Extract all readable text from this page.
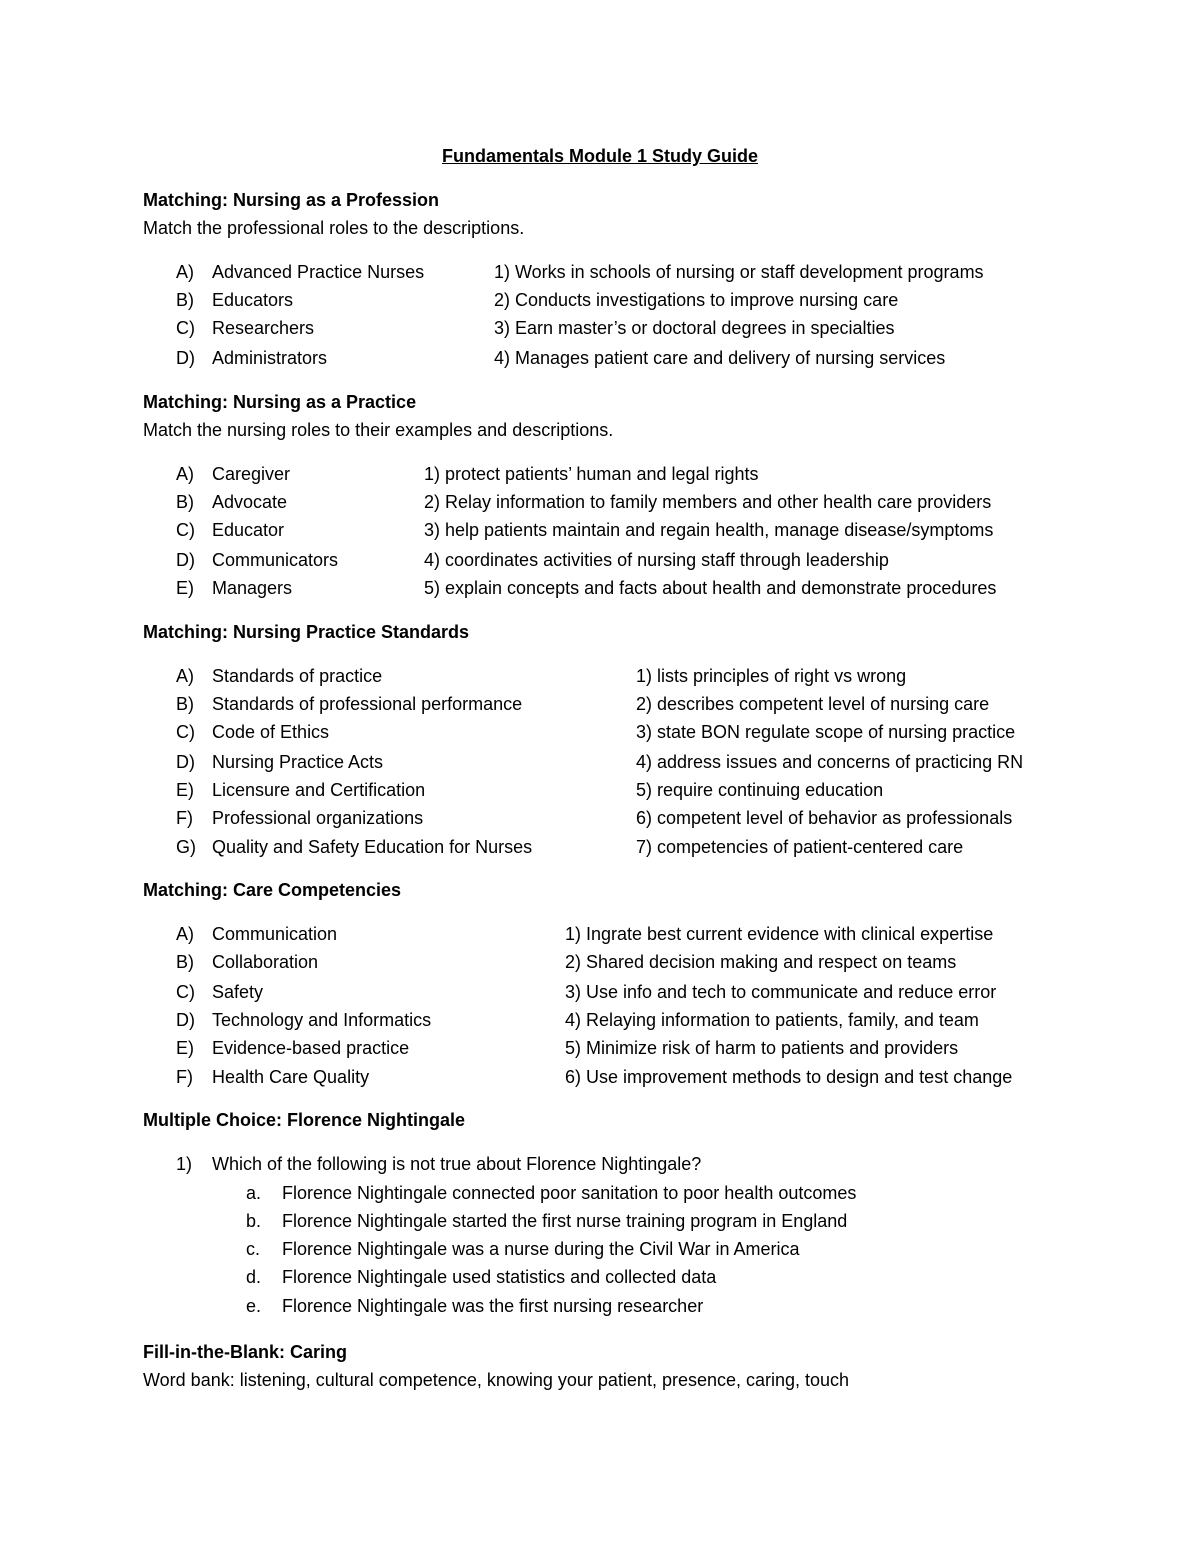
Fundamentals Module 1 Study Guide
Matching: Nursing as a Profession
Match the professional roles to the descriptions.
A)	Advanced Practice Nurses	1) Works in schools of nursing or staff development programs
B)	Educators	2) Conducts investigations to improve nursing care
C) Researchers	3) Earn master’s or doctoral degrees in specialties
D) Administrators	4) Manages patient care and delivery of nursing services
Matching: Nursing as a Practice
Match the nursing roles to their examples and descriptions.
A)	Caregiver	1) protect patients’ human and legal rights
B)	Advocate	2) Relay information to family members and other health care providers
C) Educator	3) help patients maintain and regain health, manage disease/symptoms
D) Communicators	4) coordinates activities of nursing staff through leadership
E)	Managers	5) explain concepts and facts about health and demonstrate procedures
Matching: Nursing Practice Standards
A)	Standards of practice	1) lists principles of right vs wrong
B)	Standards of professional performance	2) describes competent level of nursing care
C) Code of Ethics	3) state BON regulate scope of nursing practice
D) Nursing Practice Acts	4) address issues and concerns of practicing RN
E)	Licensure and Certification	5) require continuing education
F)	Professional organizations	6) competent level of behavior as professionals
G) Quality and Safety Education for Nurses	7) competencies of patient-centered care
Matching: Care Competencies
A)	Communication	1) Ingrate best current evidence with clinical expertise
B)	Collaboration	2) Shared decision making and respect on teams
C) Safety	3) Use info and tech to communicate and reduce error
D) Technology and Informatics	4) Relaying information to patients, family, and team
E)	Evidence-based practice	5) Minimize risk of harm to patients and providers
F)	Health Care Quality	6) Use improvement methods to design and test change
Multiple Choice: Florence Nightingale
1) Which of the following is not true about Florence Nightingale?
a.	Florence Nightingale connected poor sanitation to poor health outcomes
b.	Florence Nightingale started the first nurse training program in England
c.	Florence Nightingale was a nurse during the Civil War in America
d.	Florence Nightingale used statistics and collected data
e.	Florence Nightingale was the first nursing researcher
Fill-in-the-Blank: Caring
Word bank: listening, cultural competence, knowing your patient, presence, caring, touch
